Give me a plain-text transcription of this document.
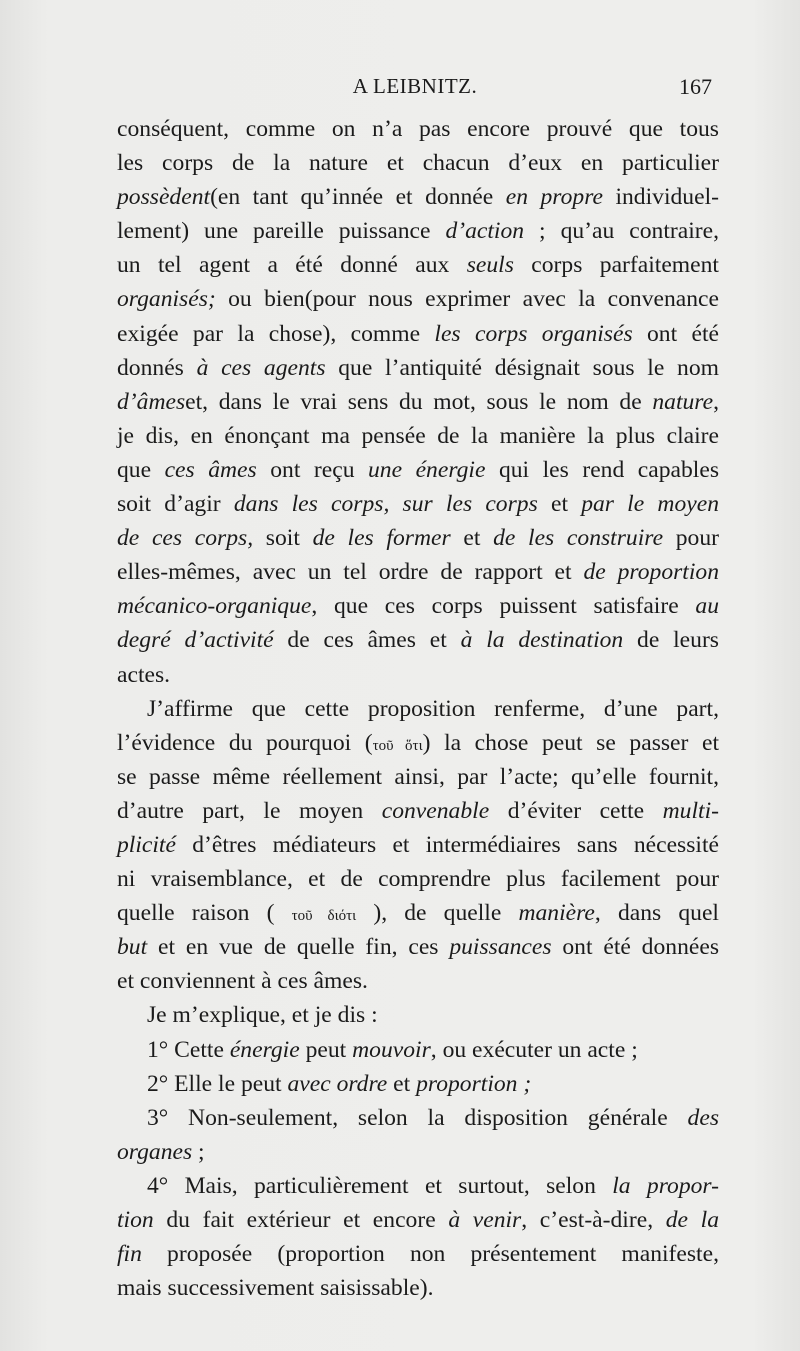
A LEIBNITZ.	167
conséquent, comme on n’a pas encore prouvé que tous
les corps de la nature et chacun d’eux en particulier
possèdent(en tant qu’innée et donnée en propre individuel-
lement) une pareille puissance d’action ; qu’au contraire,
un tel agent a été donné aux seuls corps parfaitement
organisés; ou bien(pour nous exprimer avec la convenance
exigée par la chose), comme les corps organisés ont été
donnés à ces agents que l’antiquité désignait sous le nom
d’âmeset, dans le vrai sens du mot, sous le nom de nature,
je dis, en énonçant ma pensée de la manière la plus claire
que ces âmes ont reçu une énergie qui les rend capables
soit d’agir dans les corps, sur les corps et par le moyen
de ces corps, soit de les former et de les construire pour
elles-mêmes, avec un tel ordre de rapport et de proportion
mécanico-organique, que ces corps puissent satisfaire au
degré d’activité de ces âmes et à la destination de leurs
actes.
J’affirme que cette proposition renferme, d’une part,
l’évidence du pourquoi (τοῦ ὅτι) la chose peut se passer et
se passe même réellement ainsi, par l’acte; qu’elle fournit,
d’autre part, le moyen convenable d’éviter cette multi-
plicité d’êtres médiateurs et intermédiaires sans nécessité
ni vraisemblance, et de comprendre plus facilement pour
quelle raison ( τοῦ διότι ), de quelle manière, dans quel
but et en vue de quelle fin, ces puissances ont été données
et conviennent à ces âmes.
Je m’explique, et je dis :
1° Cette énergie peut mouvoir, ou exécuter un acte ;
2° Elle le peut avec ordre et proportion ;
3° Non-seulement, selon la disposition générale des
organes ;
4° Mais, particulièrement et surtout, selon la propor-
tion du fait extérieur et encore à venir, c’est-à-dire, de la
fin proposée (proportion non présentement manifeste,
mais successivement saisissable).
